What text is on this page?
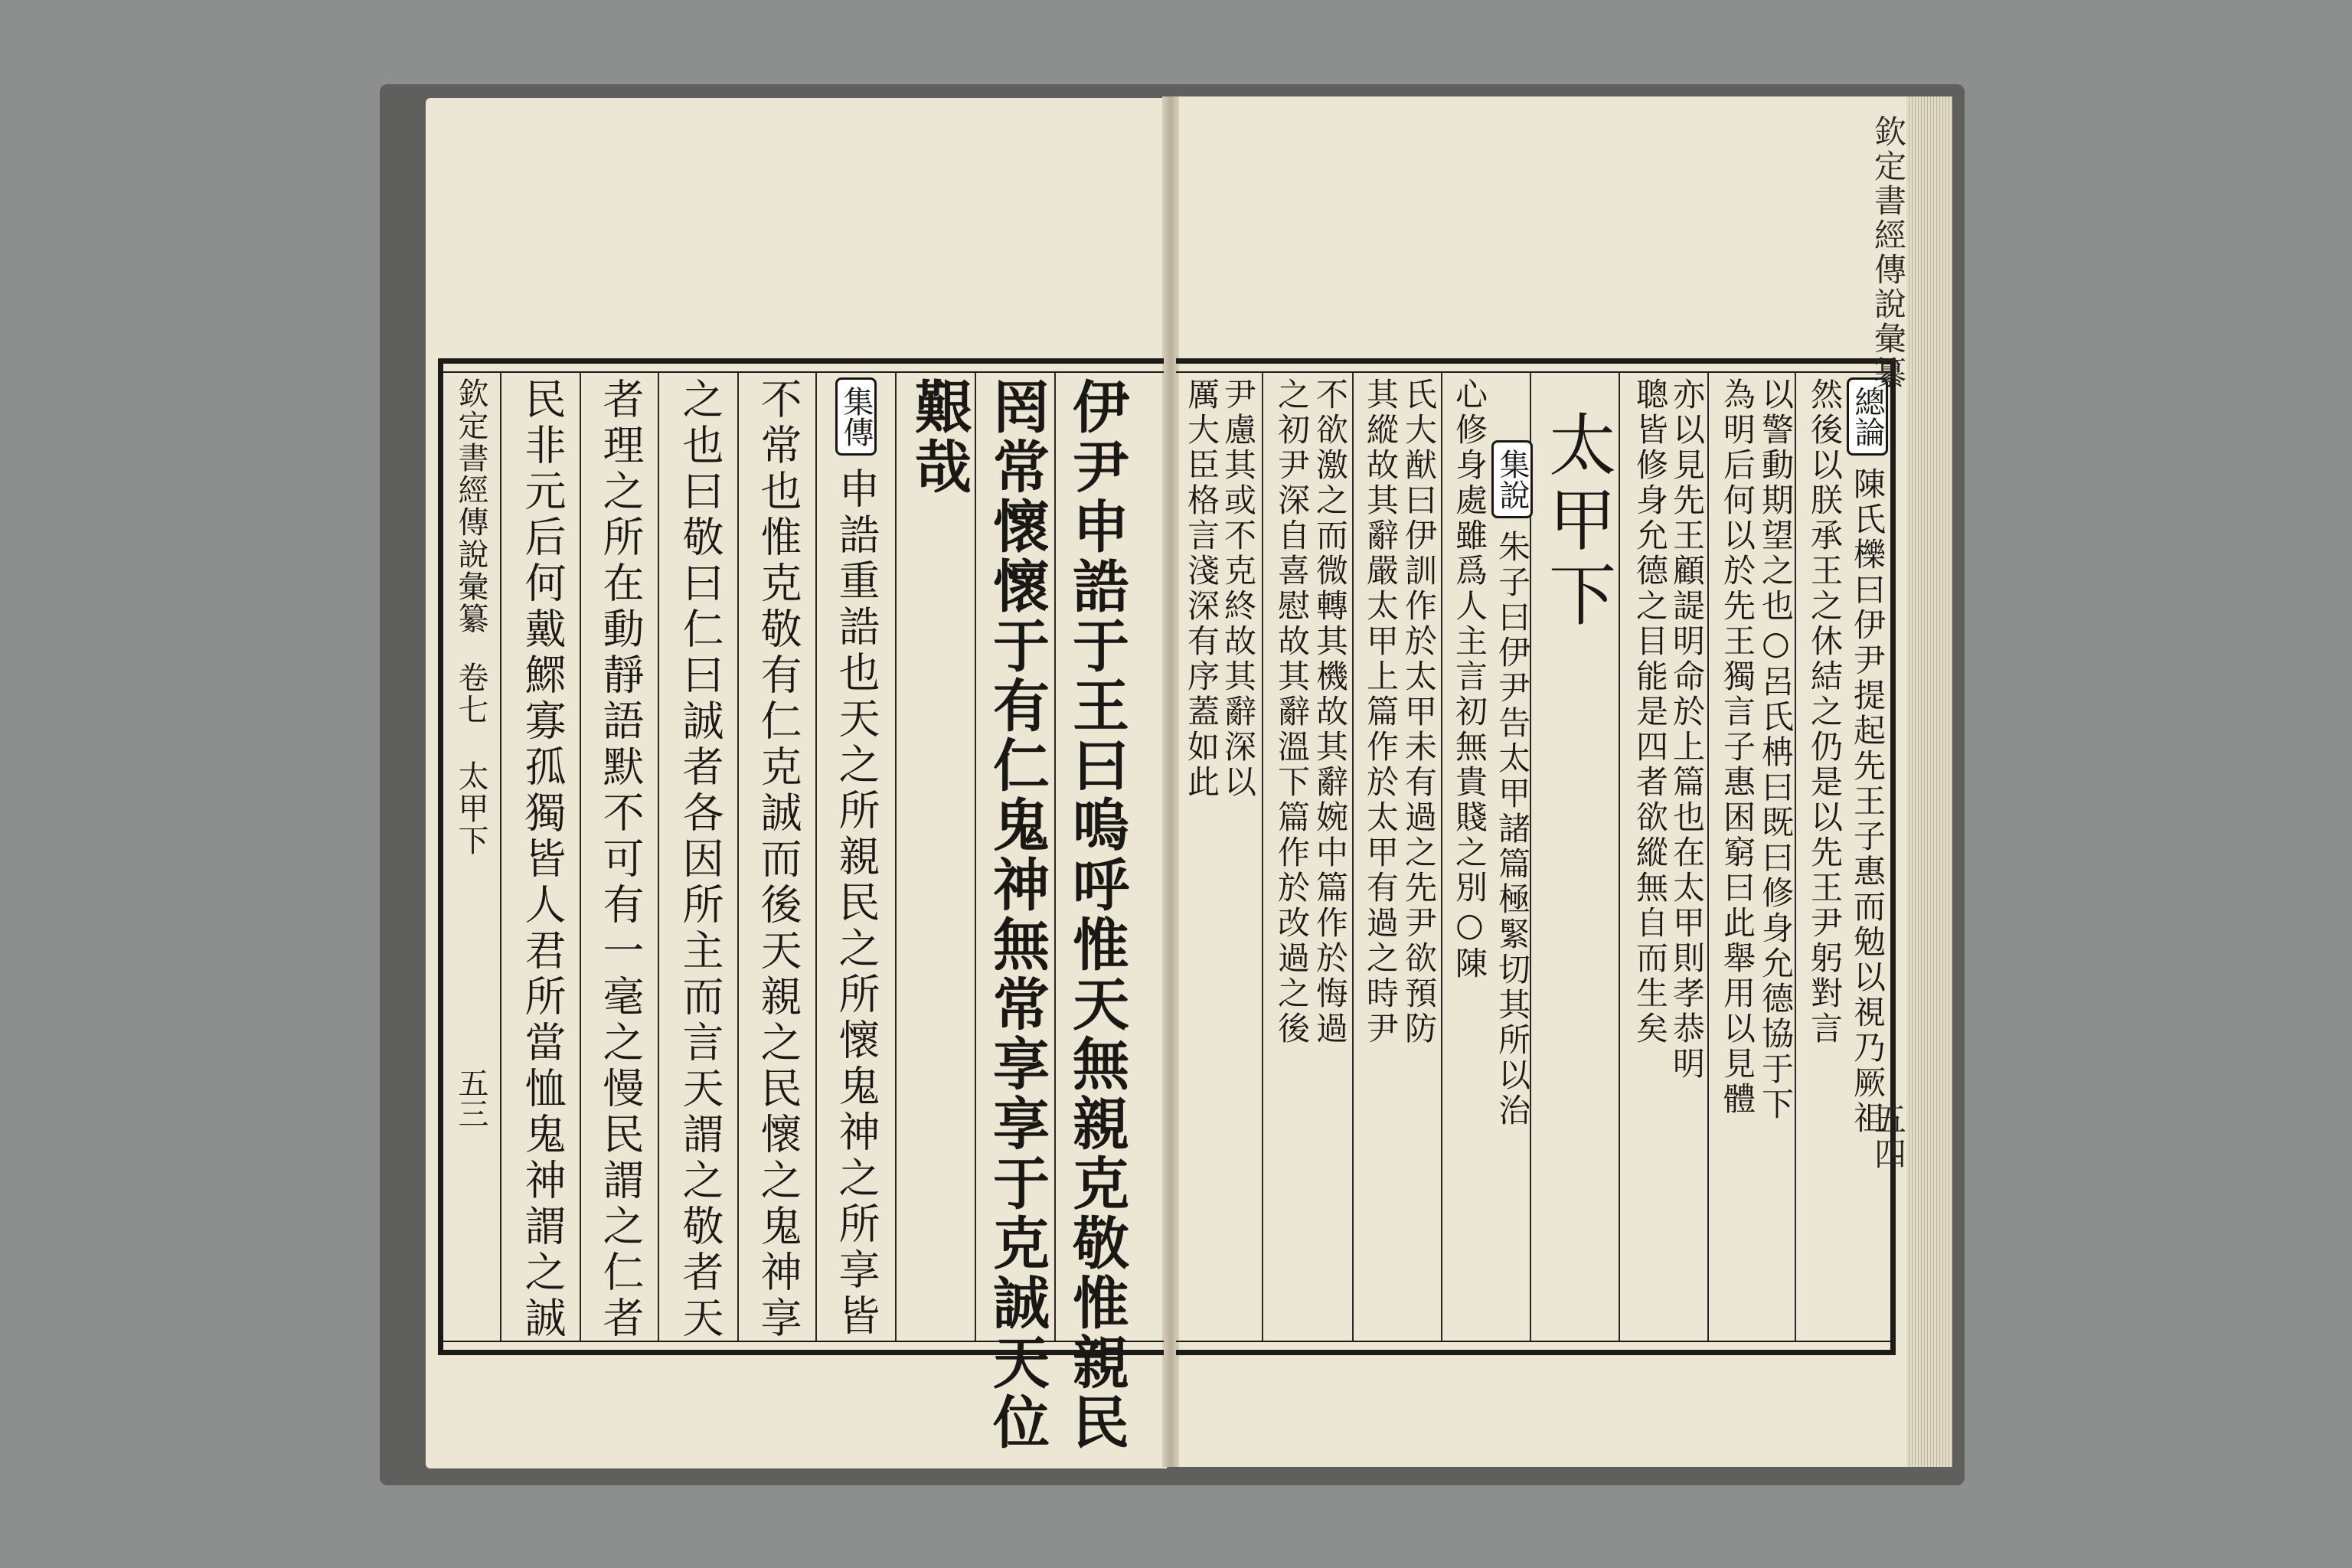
欽定書經傳說彙纂 卷七 太甲下 五三 民非元后何戴鰥寡孤獨皆人君所當恤鬼神謂之誠 者理之所在動靜語默不可有一毫之慢民謂之仁者 之也曰敬曰仁曰誠者各因所主而言天謂之敬者天 不常也惟克敬有仁克誠而後天親之民懷之鬼神享 集傳 申誥重誥也天之所親民之所懷鬼神之所享皆
艱哉 罔常懷懷于有仁鬼神無常享享于克誠天位 伊尹申誥于王曰嗚呼惟天無親克敬惟親民 厲大臣格言淺深有序蓋如此 尹慮其或不克終故其辭深以 之初尹深自喜慰故其辭溫下篇作於改過之後 不欲激之而微轉其機故其辭婉中篇作於悔過 其縱故其辭嚴太甲上篇作於太甲有過之時尹 氏大猷曰伊訓作於太甲未有過之先尹欲預防 心修身處雖爲人主言初無貴賤之別○陳 集說 朱子曰伊尹告太甲諸篇極緊切其所以治
太甲下 聰皆修身允德之目能是四者欲縱無自而生矣 亦以見先王顧諟明命於上篇也在太甲則孝恭明 為明后何以於先王獨言子惠困窮曰此舉用以見體 以警動期望之也○呂氏柟曰既曰修身允德協于下 然後以朕承王之休結之仍是以先王尹躬對言 總論 陳氏櫟曰伊尹提起先王子惠而勉以視乃厥祖
欽定書經傳說彙纂
五四
